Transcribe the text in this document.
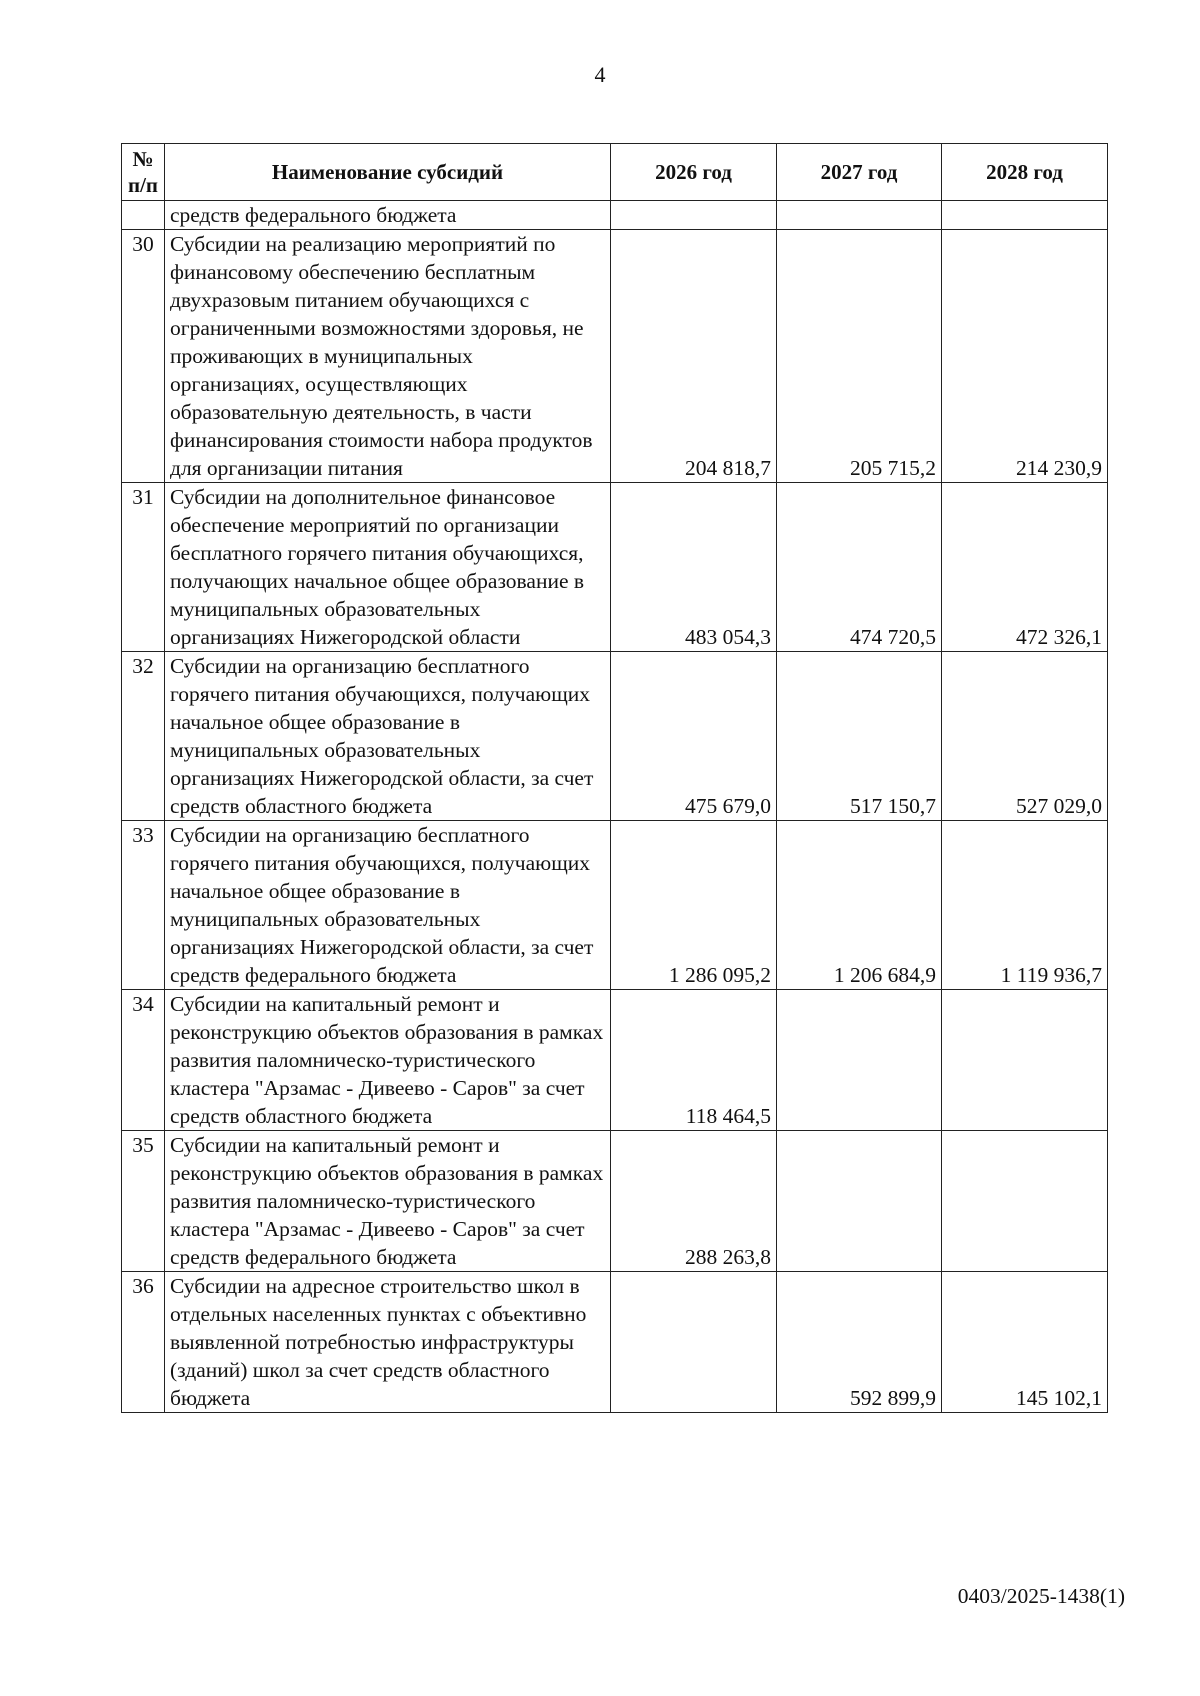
4
№
п/п	Наименование субсидий	2026 год	2027 год	2028 год
	средств федерального бюджета			
30	Субсидии на реализацию мероприятий по финансовому обеспечению бесплатным двухразовым питанием обучающихся с ограниченными возможностями здоровья, не проживающих в муниципальных организациях, осуществляющих образовательную деятельность, в части финансирования стоимости набора продуктов для организации питания	204 818,7	205 715,2	214 230,9
31	Субсидии на дополнительное финансовое обеспечение мероприятий по организации бесплатного горячего питания обучающихся, получающих начальное общее образование в муниципальных образовательных организациях Нижегородской области	483 054,3	474 720,5	472 326,1
32	Субсидии на организацию бесплатного горячего питания обучающихся, получающих начальное общее образование в муниципальных образовательных организациях Нижегородской области, за счет средств областного бюджета	475 679,0	517 150,7	527 029,0
33	Субсидии на организацию бесплатного горячего питания обучающихся, получающих начальное общее образование в муниципальных образовательных организациях Нижегородской области, за счет средств федерального бюджета	1 286 095,2	1 206 684,9	1 119 936,7
34	Субсидии на капитальный ремонт и реконструкцию объектов образования в рамках развития паломническо-туристического кластера "Арзамас - Дивеево - Саров" за счет средств областного бюджета	118 464,5		
35	Субсидии на капитальный ремонт и реконструкцию объектов образования в рамках развития паломническо-туристического кластера "Арзамас - Дивеево - Саров" за счет средств федерального бюджета	288 263,8		
36	Субсидии на адресное строительство школ в отдельных населенных пунктах с объективно выявленной потребностью инфраструктуры (зданий) школ за счет средств областного бюджета		592 899,9	145 102,1
0403/2025-1438(1)
